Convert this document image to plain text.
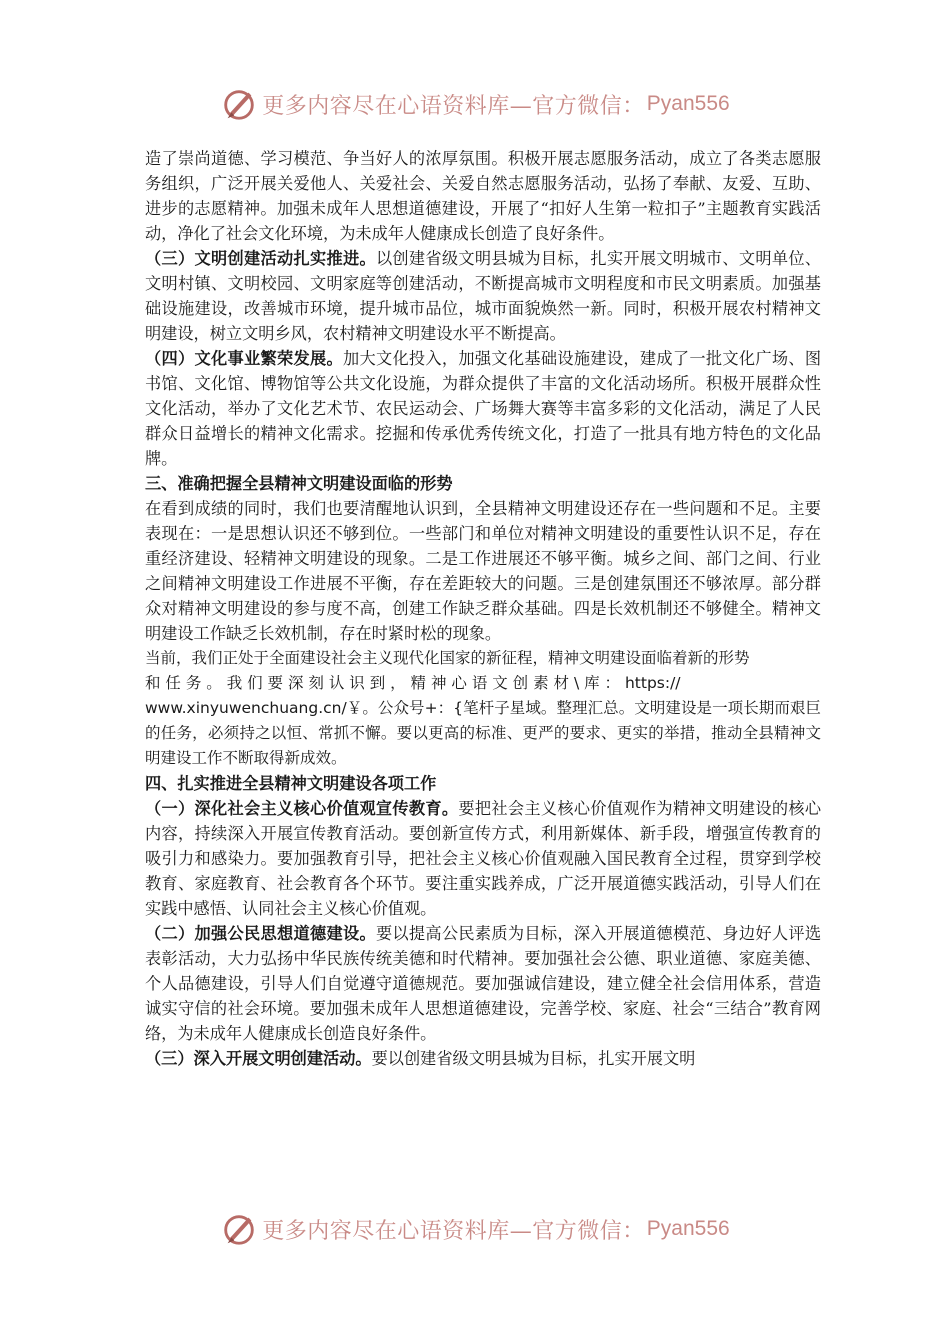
更多内容尽在心语资料库—官方微信： Pyan556

造了崇尚道德、学习模范、争当好人的浓厚氛围。积极开展志愿服务活动，成立了各类志愿服务组织，广泛开展关爱他人、关爱社会、关爱自然志愿服务活动，弘扬了奉献、友爱、互助、进步的志愿精神。加强未成年人思想道德建设，开展了“扣好人生第一粒扣子”主题教育实践活动，净化了社会文化环境，为未成年人健康成长创造了良好条件。

（三）文明创建活动扎实推进。以创建省级文明县城为目标，扎实开展文明城市、文明单位、文明村镇、文明校园、文明家庭等创建活动，不断提高城市文明程度和市民文明素质。加强基础设施建设，改善城市环境，提升城市品位，城市面貌焕然一新。同时，积极开展农村精神文明建设，树立文明乡风，农村精神文明建设水平不断提高。

（四）文化事业繁荣发展。加大文化投入，加强文化基础设施建设，建成了一批文化广场、图书馆、文化馆、博物馆等公共文化设施，为群众提供了丰富的文化活动场所。积极开展群众性文化活动，举办了文化艺术节、农民运动会、广场舞大赛等丰富多彩的文化活动，满足了人民群众日益增长的精神文化需求。挖掘和传承优秀传统文化，打造了一批具有地方特色的文化品牌。

三、准确把握全县精神文明建设面临的形势

在看到成绩的同时，我们也要清醒地认识到，全县精神文明建设还存在一些问题和不足。主要表现在：一是思想认识还不够到位。一些部门和单位对精神文明建设的重要性认识不足，存在重经济建设、轻精神文明建设的现象。二是工作进展还不够平衡。城乡之间、部门之间、行业之间精神文明建设工作进展不平衡，存在差距较大的问题。三是创建氛围还不够浓厚。部分群众对精神文明建设的参与度不高，创建工作缺乏群众基础。四是长效机制还不够健全。精神文明建设工作缺乏长效机制，存在时紧时松的现象。

当前，我们正处于全面建设社会主义现代化国家的新征程，精神文明建设面临着新的形势
和 任 务 。 我 们 要 深 刻 认 识 到 ， 精 神 心 语 文 创 素 材 \ 库 ： https://
www.xinyuwenchuang.cn/￥。公众号+：{笔杆子星域。整理汇总。文明建设是一项长期而艰巨的任务，必须持之以恒、常抓不懈。要以更高的标准、更严的要求、更实的举措，推动全县精神文明建设工作不断取得新成效。

四、扎实推进全县精神文明建设各项工作

（一）深化社会主义核心价值观宣传教育。要把社会主义核心价值观作为精神文明建设的核心内容，持续深入开展宣传教育活动。要创新宣传方式，利用新媒体、新手段，增强宣传教育的吸引力和感染力。要加强教育引导，把社会主义核心价值观融入国民教育全过程，贯穿到学校教育、家庭教育、社会教育各个环节。要注重实践养成，广泛开展道德实践活动，引导人们在实践中感悟、认同社会主义核心价值观。

（二）加强公民思想道德建设。要以提高公民素质为目标，深入开展道德模范、身边好人评选表彰活动，大力弘扬中华民族传统美德和时代精神。要加强社会公德、职业道德、家庭美德、个人品德建设，引导人们自觉遵守道德规范。要加强诚信建设，建立健全社会信用体系，营造诚实守信的社会环境。要加强未成年人思想道德建设，完善学校、家庭、社会“三结合”教育网络，为未成年人健康成长创造良好条件。

（三）深入开展文明创建活动。要以创建省级文明县城为目标，扎实开展文明

更多内容尽在心语资料库—官方微信： Pyan556
